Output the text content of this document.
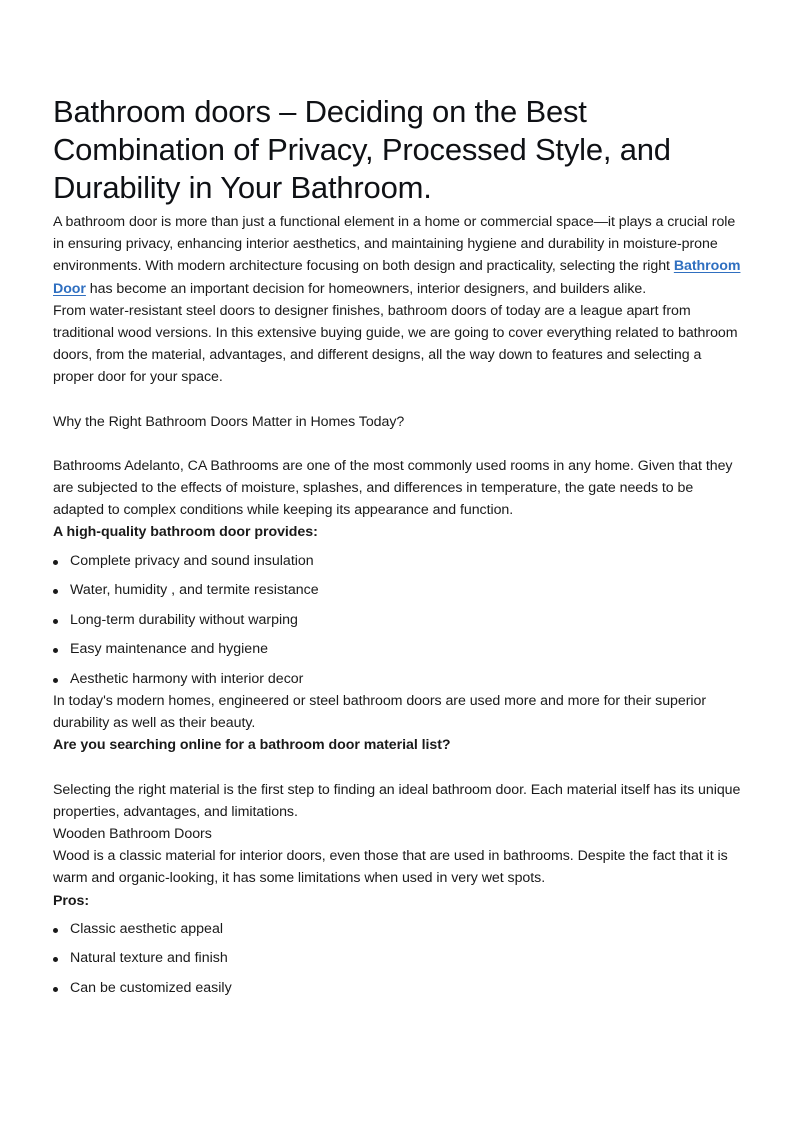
Bathroom doors – Deciding on the Best Combination of Privacy, Processed Style, and Durability in Your Bathroom.

A bathroom door is more than just a functional element in a home or commercial space—it plays a crucial role in ensuring privacy, enhancing interior aesthetics, and maintaining hygiene and durability in moisture-prone environments. With modern architecture focusing on both design and practicality, selecting the right Bathroom Door has become an important decision for homeowners, interior designers, and builders alike.

From water-resistant steel doors to designer finishes, bathroom doors of today are a league apart from traditional wood versions. In this extensive buying guide, we are going to cover everything related to bathroom doors, from the material, advantages, and different designs, all the way down to features and selecting a proper door for your space.

Why the Right Bathroom Doors Matter in Homes Today?

Bathrooms Adelanto, CA Bathrooms are one of the most commonly used rooms in any home. Given that they are subjected to the effects of moisture, splashes, and differences in temperature, the gate needs to be adapted to complex conditions while keeping its appearance and function.

A high-quality bathroom door provides:

Complete privacy and sound insulation
Water, humidity , and termite resistance
Long-term durability without warping
Easy maintenance and hygiene
Aesthetic harmony with interior decor

In today's modern homes, engineered or steel bathroom doors are used more and more for their superior durability as well as their beauty.

Are you searching online for a bathroom door material list?

Selecting the right material is the first step to finding an ideal bathroom door. Each material itself has its unique properties, advantages, and limitations.

Wooden Bathroom Doors

Wood is a classic material for interior doors, even those that are used in bathrooms. Despite the fact that it is warm and organic-looking, it has some limitations when used in very wet spots.

Pros:

Classic aesthetic appeal
Natural texture and finish
Can be customized easily
